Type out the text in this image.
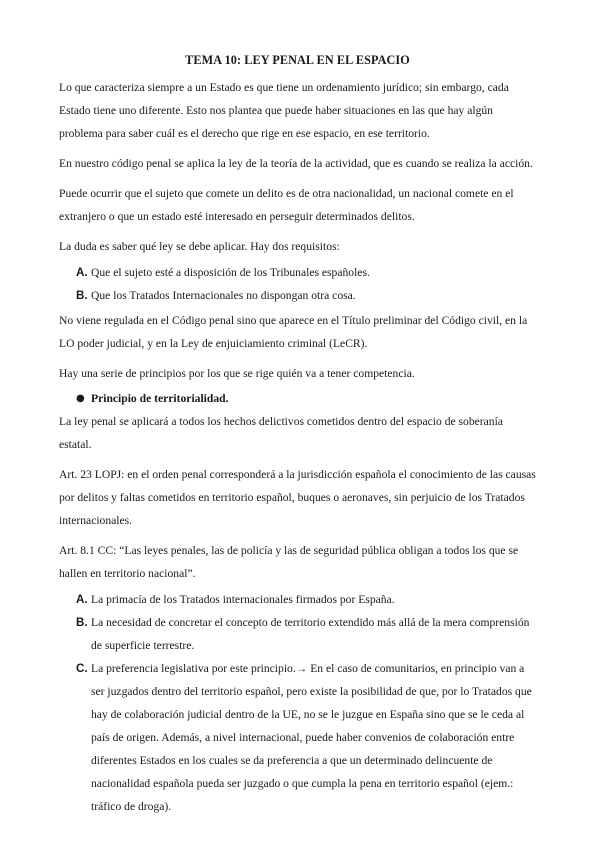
TEMA 10: LEY PENAL EN EL ESPACIO

Lo que caracteriza siempre a un Estado es que tiene un ordenamiento jurídico; sin embargo, cada Estado tiene uno diferente. Esto nos plantea que puede haber situaciones en las que hay algún problema para saber cuál es el derecho que rige en ese espacio, en ese territorio.

En nuestro código penal se aplica la ley de la teoría de la actividad, que es cuando se realiza la acción.

Puede ocurrir que el sujeto que comete un delito es de otra nacionalidad, un nacional comete en el extranjero o que un estado esté interesado en perseguir determinados delitos.

La duda es saber qué ley se debe aplicar. Hay dos requisitos:

A. Que el sujeto esté a disposición de los Tribunales españoles.
B. Que los Tratados Internacionales no dispongan otra cosa.

No viene regulada en el Código penal sino que aparece en el Título preliminar del Código civil, en la LO poder judicial, y en la Ley de enjuiciamiento criminal (LeCR).

Hay una serie de principios por los que se rige quién va a tener competencia.

● Principio de territorialidad.

La ley penal se aplicará a todos los hechos delictivos cometidos dentro del espacio de soberanía estatal.

Art. 23 LOPJ: en el orden penal corresponderá a la jurisdicción española el conocimiento de las causas por delitos y faltas cometidos en territorio español, buques o aeronaves, sin perjuicio de los Tratados internacionales.

Art. 8.1 CC: “Las leyes penales, las de policía y las de seguridad pública obligan a todos los que se hallen en territorio nacional”.

A. La primacía de los Tratados internacionales firmados por España.
B. La necesidad de concretar el concepto de territorio extendido más allá de la mera comprensión de superficie terrestre.
C. La preferencia legislativa por este principio.→ En el caso de comunitarios, en principio van a ser juzgados dentro del territorio español, pero existe la posibilidad de que, por lo Tratados que hay de colaboración judicial dentro de la UE, no se le juzgue en España sino que se le ceda al país de origen. Además, a nivel internacional, puede haber convenios de colaboración entre diferentes Estados en los cuales se da preferencia a que un determinado delincuente de nacionalidad española pueda ser juzgado o que cumpla la pena en territorio español (ejem.: tráfico de droga).
